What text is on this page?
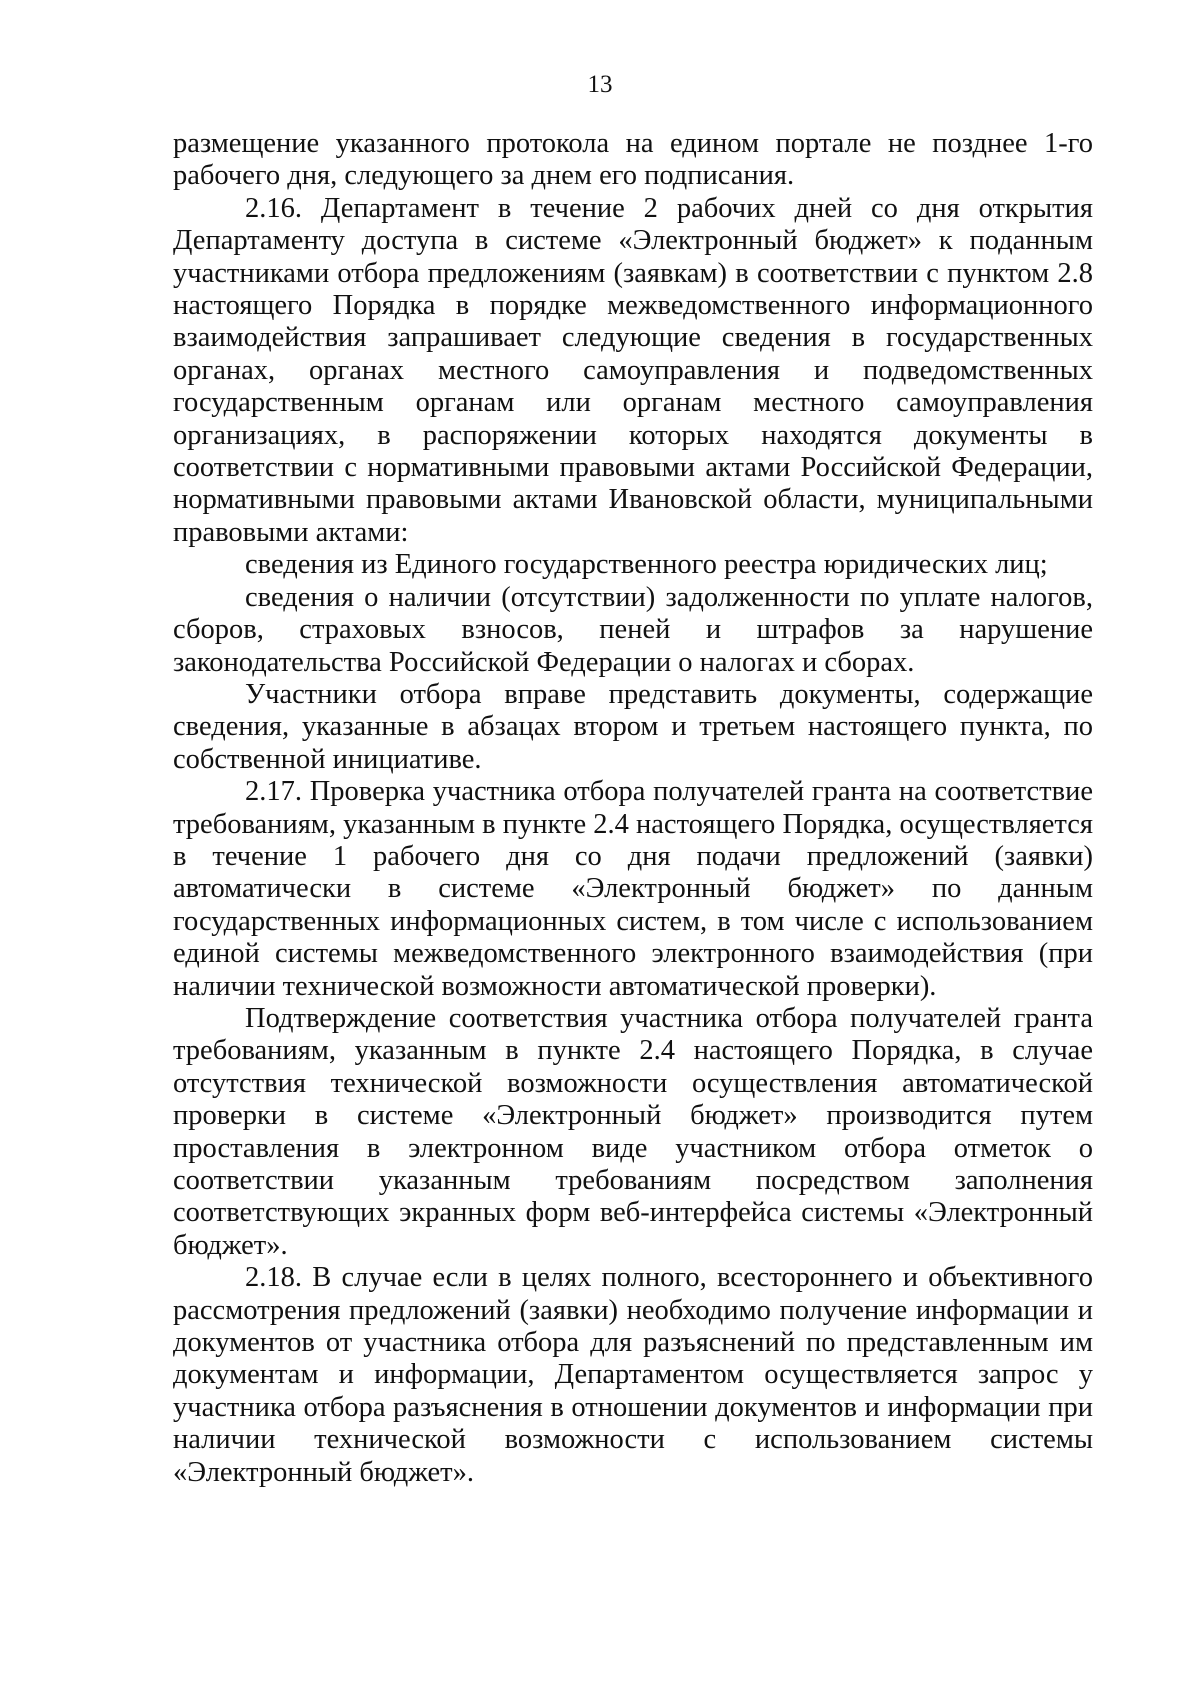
13

размещение указанного протокола на едином портале не позднее 1-го рабочего дня, следующего за днем его подписания.

2.16. Департамент в течение 2 рабочих дней со дня открытия Департаменту доступа в системе «Электронный бюджет» к поданным участниками отбора предложениям (заявкам) в соответствии с пунктом 2.8 настоящего Порядка в порядке межведомственного информационного взаимодействия запрашивает следующие сведения в государственных органах, органах местного самоуправления и подведомственных государственным органам или органам местного самоуправления организациях, в распоряжении которых находятся документы в соответствии с нормативными правовыми актами Российской Федерации, нормативными правовыми актами Ивановской области, муниципальными правовыми актами:

сведения из Единого государственного реестра юридических лиц;

сведения о наличии (отсутствии) задолженности по уплате налогов, сборов, страховых взносов, пеней и штрафов за нарушение законодательства Российской Федерации о налогах и сборах.

Участники отбора вправе представить документы, содержащие сведения, указанные в абзацах втором и третьем настоящего пункта, по собственной инициативе.

2.17. Проверка участника отбора получателей гранта на соответствие требованиям, указанным в пункте 2.4 настоящего Порядка, осуществляется в течение 1 рабочего дня со дня подачи предложений (заявки) автоматически в системе «Электронный бюджет» по данным государственных информационных систем, в том числе с использованием единой системы межведомственного электронного взаимодействия (при наличии технической возможности автоматической проверки).

Подтверждение соответствия участника отбора получателей гранта требованиям, указанным в пункте 2.4 настоящего Порядка, в случае отсутствия технической возможности осуществления автоматической проверки в системе «Электронный бюджет» производится путем проставления в электронном виде участником отбора отметок о соответствии указанным требованиям посредством заполнения соответствующих экранных форм веб-интерфейса системы «Электронный бюджет».

2.18. В случае если в целях полного, всестороннего и объективного рассмотрения предложений (заявки) необходимо получение информации и документов от участника отбора для разъяснений по представленным им документам и информации, Департаментом осуществляется запрос у участника отбора разъяснения в отношении документов и информации при наличии технической возможности с использованием системы «Электронный бюджет».
